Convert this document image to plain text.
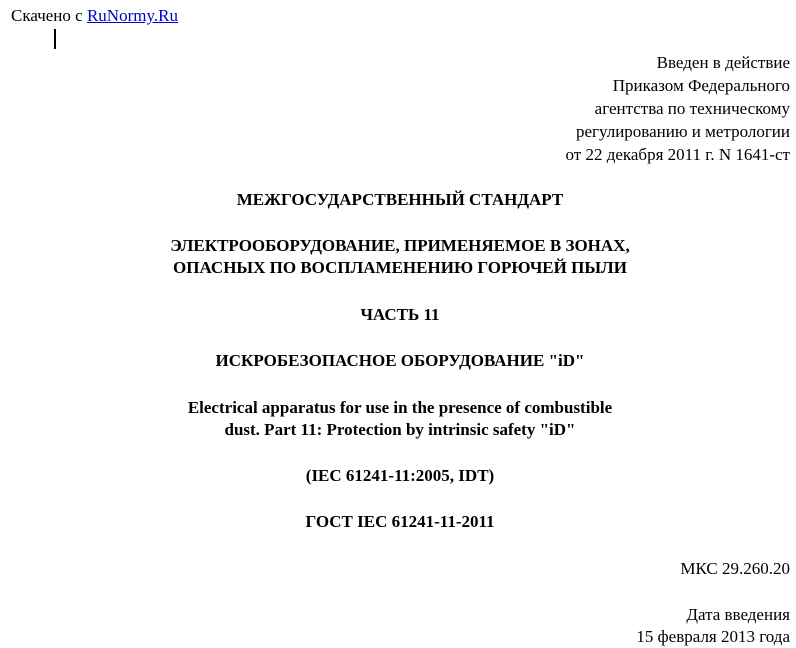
Скачено с RuNormy.Ru
Введен в действие
Приказом Федерального
агентства по техническому
регулированию и метрологии
от 22 декабря 2011 г. N 1641-ст
МЕЖГОСУДАРСТВЕННЫЙ СТАНДАРТ
ЭЛЕКТРООБОРУДОВАНИЕ, ПРИМЕНЯЕМОЕ В ЗОНАХ,
ОПАСНЫХ ПО ВОСПЛАМЕНЕНИЮ ГОРЮЧЕЙ ПЫЛИ
ЧАСТЬ 11
ИСКРОБЕЗОПАСНОЕ ОБОРУДОВАНИЕ "iD"
Electrical apparatus for use in the presence of combustible
dust. Part 11: Protection by intrinsic safety "iD"
(IEC 61241-11:2005, IDT)
ГОСТ IEC 61241-11-2011
МКС 29.260.20
Дата введения
15 февраля 2013 года
